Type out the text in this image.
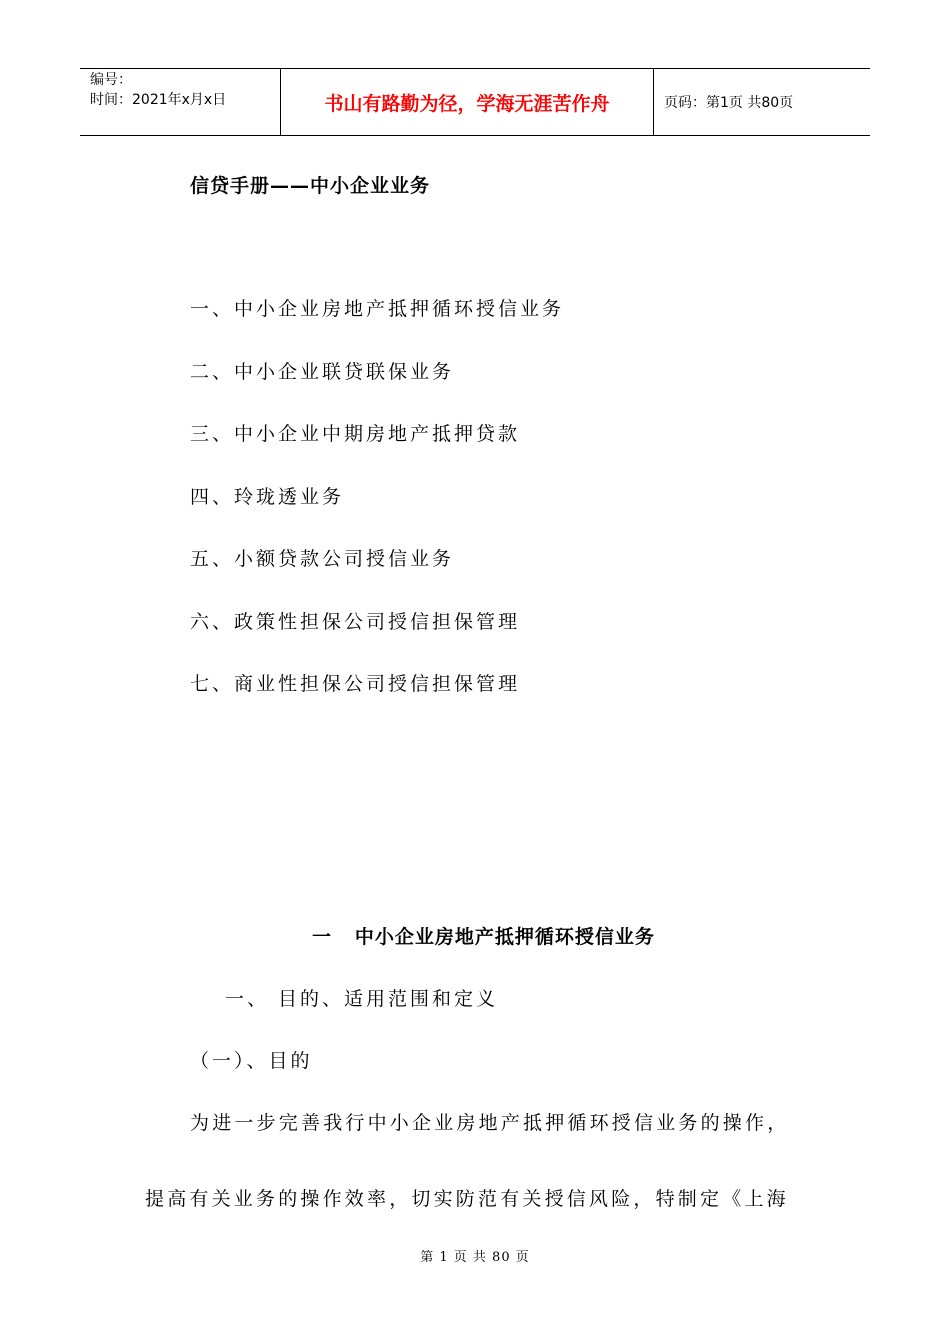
编号：
时间：2021年x月x日	书山有路勤为径，学海无涯苦作舟	页码：第1页 共80页
信贷手册——中小企业业务
一、中小企业房地产抵押循环授信业务
二、中小企业联贷联保业务
三、中小企业中期房地产抵押贷款
四、玲珑透业务
五、小额贷款公司授信业务
六、政策性担保公司授信担保管理
七、商业性担保公司授信担保管理
一   中小企业房地产抵押循环授信业务
一、 目的、适用范围和定义
（一）、目的
为进一步完善我行中小企业房地产抵押循环授信业务的操作，
提高有关业务的操作效率，切实防范有关授信风险，特制定《上海
第 1 页 共 80 页
